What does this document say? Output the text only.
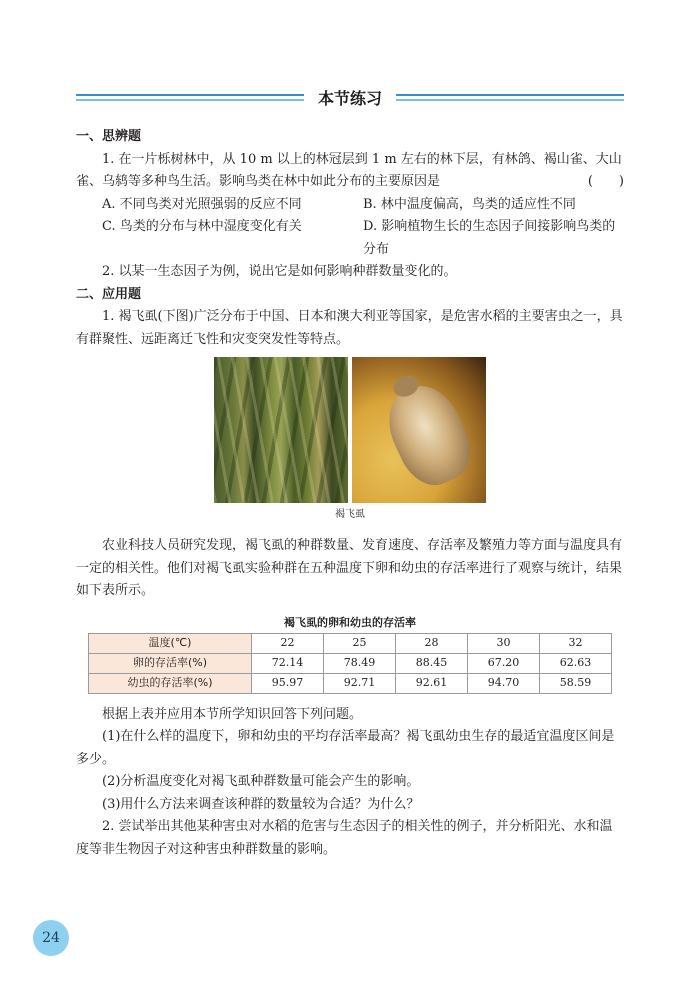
本节练习

一、思辨题

1. 在一片栎树林中，从 10 m 以上的林冠层到 1 m 左右的林下层，有林鸽、褐山雀、大山雀、乌鸫等多种鸟生活。影响鸟类在林中如此分布的主要原因是	(　　)

A. 不同鸟类对光照强弱的反应不同	B. 林中温度偏高，鸟类的适应性不同
C. 鸟类的分布与林中湿度变化有关	D. 影响植物生长的生态因子间接影响鸟类的分布

2. 以某一生态因子为例，说出它是如何影响种群数量变化的。

二、应用题

1. 褐飞虱(下图)广泛分布于中国、日本和澳大利亚等国家，是危害水稻的主要害虫之一，具有群聚性、远距离迁飞性和灾变突发性等特点。

褐飞虱

农业科技人员研究发现，褐飞虱的种群数量、发育速度、存活率及繁殖力等方面与温度具有一定的相关性。他们对褐飞虱实验种群在五种温度下卵和幼虫的存活率进行了观察与统计，结果如下表所示。

褐飞虱的卵和幼虫的存活率
温度(℃)	22	25	28	30	32
卵的存活率(%)	72.14	78.49	88.45	67.20	62.63
幼虫的存活率(%)	95.97	92.71	92.61	94.70	58.59

根据上表并应用本节所学知识回答下列问题。

(1)在什么样的温度下，卵和幼虫的平均存活率最高？褐飞虱幼虫生存的最适宜温度区间是多少。

(2)分析温度变化对褐飞虱种群数量可能会产生的影响。

(3)用什么方法来调查该种群的数量较为合适？为什么？

2. 尝试举出其他某种害虫对水稻的危害与生态因子的相关性的例子，并分析阳光、水和温度等非生物因子对这种害虫种群数量的影响。

24
